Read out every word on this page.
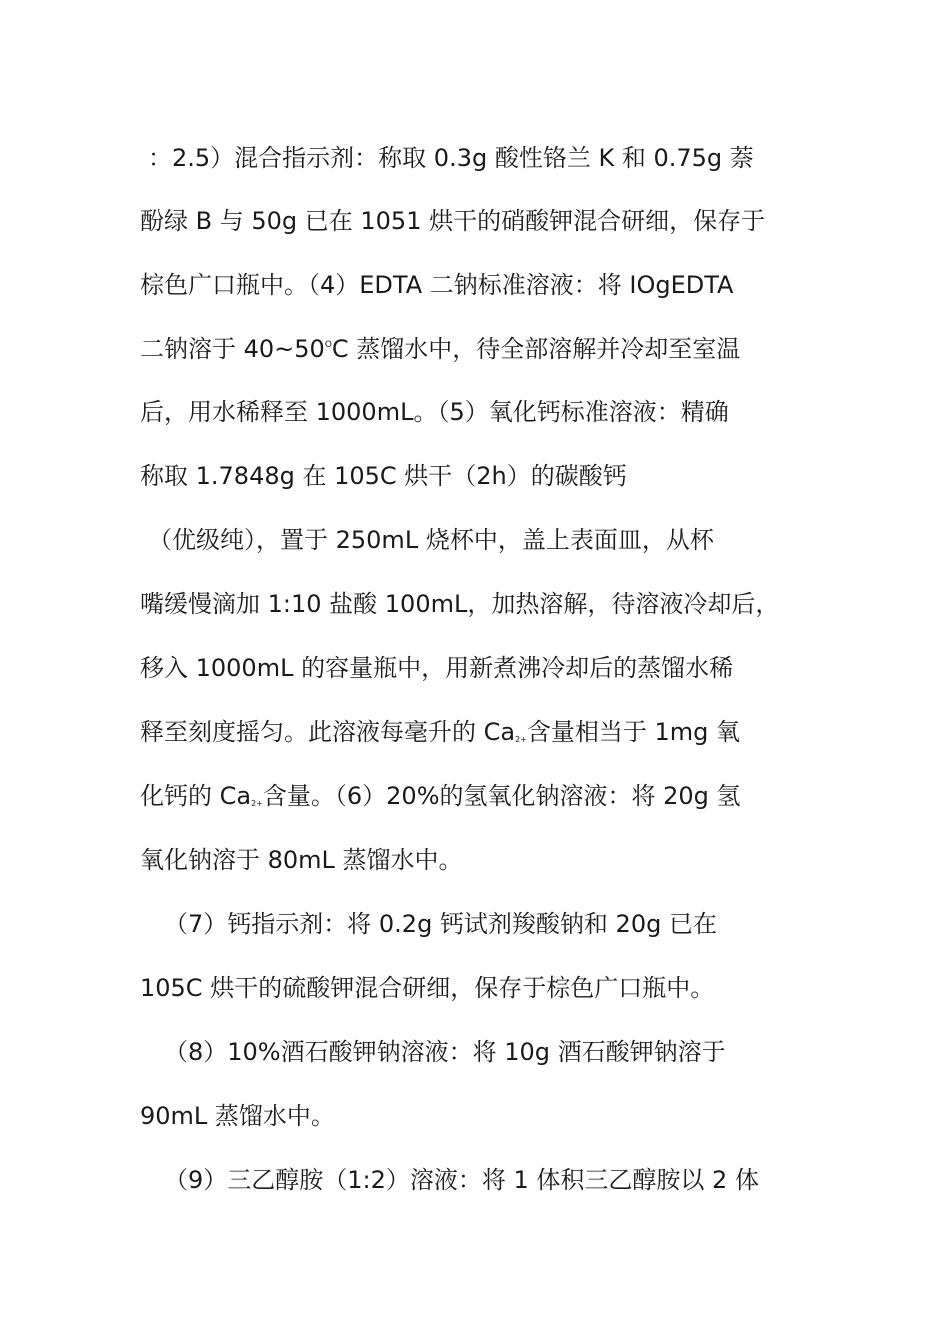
：2.5）混合指示剂：称取 0.3g 酸性铬兰 K 和 0.75g 萘
酚绿 B 与 50g 已在 1051 烘干的硝酸钾混合研细，保存于
棕色广口瓶中。（4）EDTA 二钠标准溶液：将 IOgEDTA
二钠溶于 $40\sim 50^OC$ 蒸馏水中，待全部溶解并冷却至室温
后，用水稀释至 1000mL。（5）氧化钙标准溶液：精确
称取 1.7848g 在 105C 烘干（2h）的碳酸钙
（优级纯），置于 250mL 烧杯中，盖上表面皿，从杯
嘴缓慢滴加 1:10 盐酸 100mL，加热溶解，待溶液冷却后，
移入 1000mL 的容量瓶中，用新煮沸冷却后的蒸馏水稀
释至刻度摇匀。此溶液每毫升的 Ca2+含量相当于 1mg 氧
化钙的 Ca2+含量。（6）20%的氢氧化钠溶液：将 20g 氢
氧化钠溶于 80mL 蒸馏水中。
（7）钙指示剂：将 0.2g 钙试剂羧酸钠和 20g 已在
105C 烘干的硫酸钾混合研细，保存于棕色广口瓶中。
（8）10%酒石酸钾钠溶液：将 10g 酒石酸钾钠溶于
90mL 蒸馏水中。
（9）三乙醇胺（1:2）溶液：将 1 体积三乙醇胺以 2 体
